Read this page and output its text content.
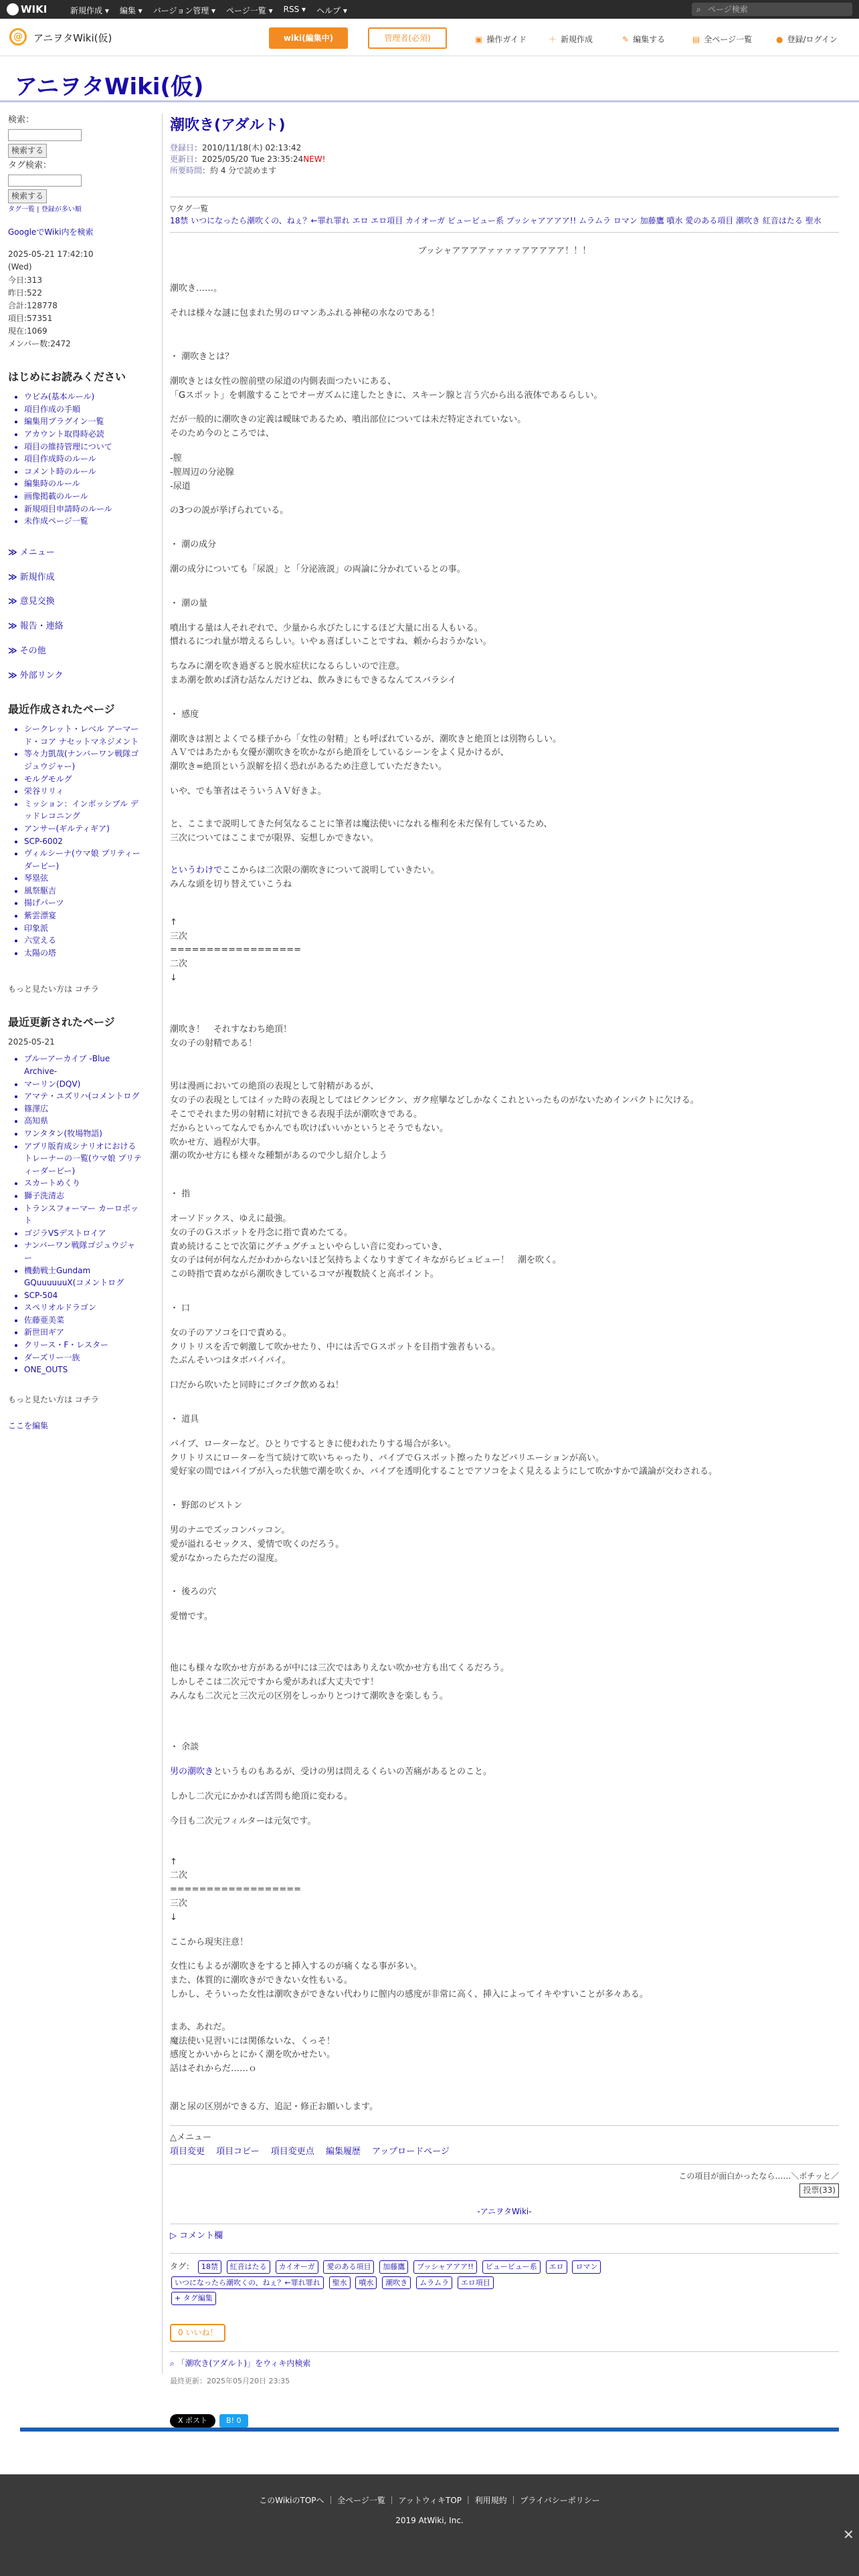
WIKI	新規作成 ▾ 編集 ▾ バージョン管理 ▾ ページ一覧 ▾ RSS ▾ ヘルプ ▾	⌕ ページ検索
@	アニヲタWiki(仮)	wiki(編集中)	管理者(必須)	▣ 操作ガイド	＋ 新規作成	✎ 編集する	▤ 全ページ一覧	● 登録/ログイン
アニヲタWiki(仮)
検索：
検索する
タグ検索：
検索する
タグ一覧 | 登録が多い順
GoogleでWiki内を検索
2025-05-21 17:42:10
(Wed)
今日:313
昨日:522
合計:128778
項目:57351
現在:1069
メンバー数:2472
はじめにお読みください
• ウビみ(基本ルール)
• 項目作成の手順
• 編集用プラグイン一覧
• アカウント取得時必読
• 項目の維持管理について
• 項目作成時のルール
• コメント時のルール
• 編集時のルール
• 画像掲載のルール
• 新規項目申請時のルール
• 未作成ページ一覧
≫ メニュー
≫ 新規作成
≫ 意見交換
≫ 報告・連絡
≫ その他
≫ 外部リンク
最近作成されたページ
• シークレット・レベル アーマード・コア ナセットマネジメント
• 等々力凱哉(ナンバーワン戦隊ゴジュウジャー)
• モルグモルグ
• 栄谷リリィ
• ミッション：インポッシブル デッドレコニング
• アンサー(ギルティギア)
• SCP-6002
• ヴィルシーナ(ウマ娘 プリティーダービー)
• 琴塁弦
• 風祭駆吉
• 揚げパーツ
• 紫雲漂宴
• 印象派
• 六堂える
• 太陽の塔
もっと見たい方は コチラ
最近更新されたページ
2025-05-21
• ブルーアーカイブ -Blue Archive-
• マーリン(DQV)
• アマテ・ユズリハ(コメントログ
• 篠澤広
• 高知県
• ワンタタン(牧場物語)
• アプリ版育成シナリオにおけるトレーナーの一覧(ウマ娘 プリティーダービー)
• スカートめくり
• 獅子洗清志
• トランスフォーマー カーロボット
• ゴジラVSデストロイア
• ナンバーワン戦隊ゴジュウジャー
• 機動戦士Gundam GQuuuuuuX(コメントログ
• SCP-504
• スペリオルドラゴン
• 佐藤亜美菜
• 新世田ギア
• クリース・F・レスター
• ダーズリー一族
• ONE_OUTS
もっと見たい方は コチラ
ここを編集
潮吹き(アダルト)
登録日：2010/11/18(木) 02:13:42
更新日：2025/05/20 Tue 23:35:24NEW!
所要時間：約 4 分で読めます
▽タグ一覧
18禁 いつになったら潮吹くの、ねぇ？←罪れ罪れ エロ エロ項目 カイオーガ ビュービュー系 プッシャアアアア!! ムラムラ ロマン 加藤鷹 噴水 愛のある項目 潮吹き 紅音はたる 聖水
ブッシャアアアアァァァァアアアアア！！！
潮吹き……。
それは様々な謎に包まれた男のロマンあふれる神秘の水なのである！
・ 潮吹きとは？
潮吹きとは女性の膣前壁の尿道の内側表面つたいにある、
「Gスポット」を刺激することでオーガズムに達したときに、スキーン腺と言う穴から出る液体であるらしい。
だが一般的に潮吹きの定義は曖昧であるため、噴出部位については未だ特定されていない。
そのため今のところでは、
-膣
-膣周辺の分泌腺
-尿道
の3つの説が挙げられている。
・ 潮の成分
潮の成分についても「尿説」と「分泌液説」の両論に分かれているとの事。
・ 潮の量
噴出する量は人それぞれで、少量から水びたしにするほど大量に出る人もいる。
慣れるにつれ量が増えるらしい。いやぁ喜ばしいことですね、頼からおうかない。
ちなみに潮を吹き過ぎると脱水症状になるらしいので注意。
まあ潮を飲めば済む話なんだけどね、飲みきにもできるなんてスバラシイ
・ 感度
潮吹きは割とよくでる様子から「女性の射精」とも呼ばれているが、潮吹きと絶頂とは別物らしい。
ＡＶではあたかも女優が潮吹きを吹かながら絶頂をしているシーンをよく見かけるが、
潮吹き=絶頂という誤解を招く恐れがあるため注意していただきたい。
いや、でも筆者はそういうＡＶ好きよ。
と、ここまで説明してきた何気なることに筆者は魔法使いになれる権利を未だ保有しているため、
三次についてはここまでが限界、妄想しかできない。
というわけでここからは二次限の潮吹きについて説明していきたい。
みんな頭を切り替えていこうね
↑
三次
==================
二次
↓
潮吹き！　それすなわち絶頂！
女の子の射精である！
男は漫画においての絶頂の表現として射精があるが、
女の子の表現としてはイッた時の表現としてはビクンビクン、ガク痙攣などしかなくこれといったものがないためインパクトに欠ける。
そこでそれまた男の射精に対抗できる表現手法が潮吹きである。
だからといってなんでもかんでも吹けばいいかというとそうでもない。
吹かせ方、過程が大事。
潮の吹かせ方にも様々な種類があるので少し紹介しよう
・ 指
オーソドックス、ゆえに最強。
女の子のＧスポットを丹念に指で責めたてる。
責め続けることで次第にグチュグチュといやらしい音に変わっていき、
女の子は何が何なんだかわからないほど気持ちよくなりすぎてイキながらビュビュー！　潮を吹く。
この時指で責めながら潮吹きしているコマが複数続くと高ポイント。
・ 口
女の子のアソコを口で責める。
クリトリスを舌で刺激して吹かせたり、中には舌でＧスポットを目指す強者もいる。
たぶんそいつはタボバイバイ。
口だから吹いたと同時にゴクゴク飲めるね！
・ 道具
バイブ、ローターなど。ひとりでするときに使われたりする場合が多い。
クリトリスにローターを当て続けて吹いちゃったり、バイブでＧスポット擦ったりなどバリエーションが高い。
愛好家の間ではバイブが入った状態で潮を吹くか、バイブを透明化することでアソコをよく見えるようにして吹かすかで議論が交わされる。
・ 野郎のピストン
男のナニでズッコンバッコン。
愛が溢れるセックス、愛情で吹くのだろう。
愛がなかったらただの湿度。
・ 後ろの穴
愛憎です。
他にも様々な吹かせ方があるが中には三次ではありえない吹かせ方も出てくるだろう。
しかしそこは二次元ですから愛があれば大丈夫です！
みんなも二次元と三次元の区別をしっかりとつけて潮吹きを楽しもう。
・ 余談
男の潮吹きというものもあるが、受けの男は問えるくらいの苦痛があるとのこと。
しかし二次元にかかれば苦問も絶頂に変わる。
今日も二次元フィルターは元気です。
↑
二次
==================
三次
↓
ここから現実注意！
女性にもよるが潮吹きをすると挿入するのが痛くなる事が多い。
また、体質的に潮吹きができない女性もいる。
しかし、そういった女性は潮吹きができない代わりに膣内の感度が非常に高く、挿入によってイキやすいことが多々ある。
まあ、あれだ。
魔法使い見習いには関係ないな、くっそ！
感度とかいからとにかく潮を吹かせたい。
話はそれからだ……ｏ
潮と尿の区別ができる方、追記・修正お願いします。
△メニュー
項目変更　 項目コピー　 項目変更点　 編集履歴　 アップロードページ
この項目が面白かったなら……＼ポチッと／
投票(33)
-アニヲタWiki-
▷ コメント欄
タグ： 18禁 紅音はたる カイオーガ 愛のある項目 加藤鷹 プッシャアアア!! ビュービュー系 エロ ロマン
いつになったら潮吹くの、ねぇ？←罪れ罪れ 聖水 噴水 潮吹き ムラムラ エロ項目
+ タグ編集
0 いいね！
⌕ 「潮吹き(アダルト)」をウィキ内検索
最終更新：2025年05月20日 23:35
X ポスト	B! 0
このWikiのTOPへ ｜ 全ページ一覧 ｜ アットウィキTOP ｜ 利用規約 ｜ プライバシーポリシー
2019 AtWiki, Inc.
✕
